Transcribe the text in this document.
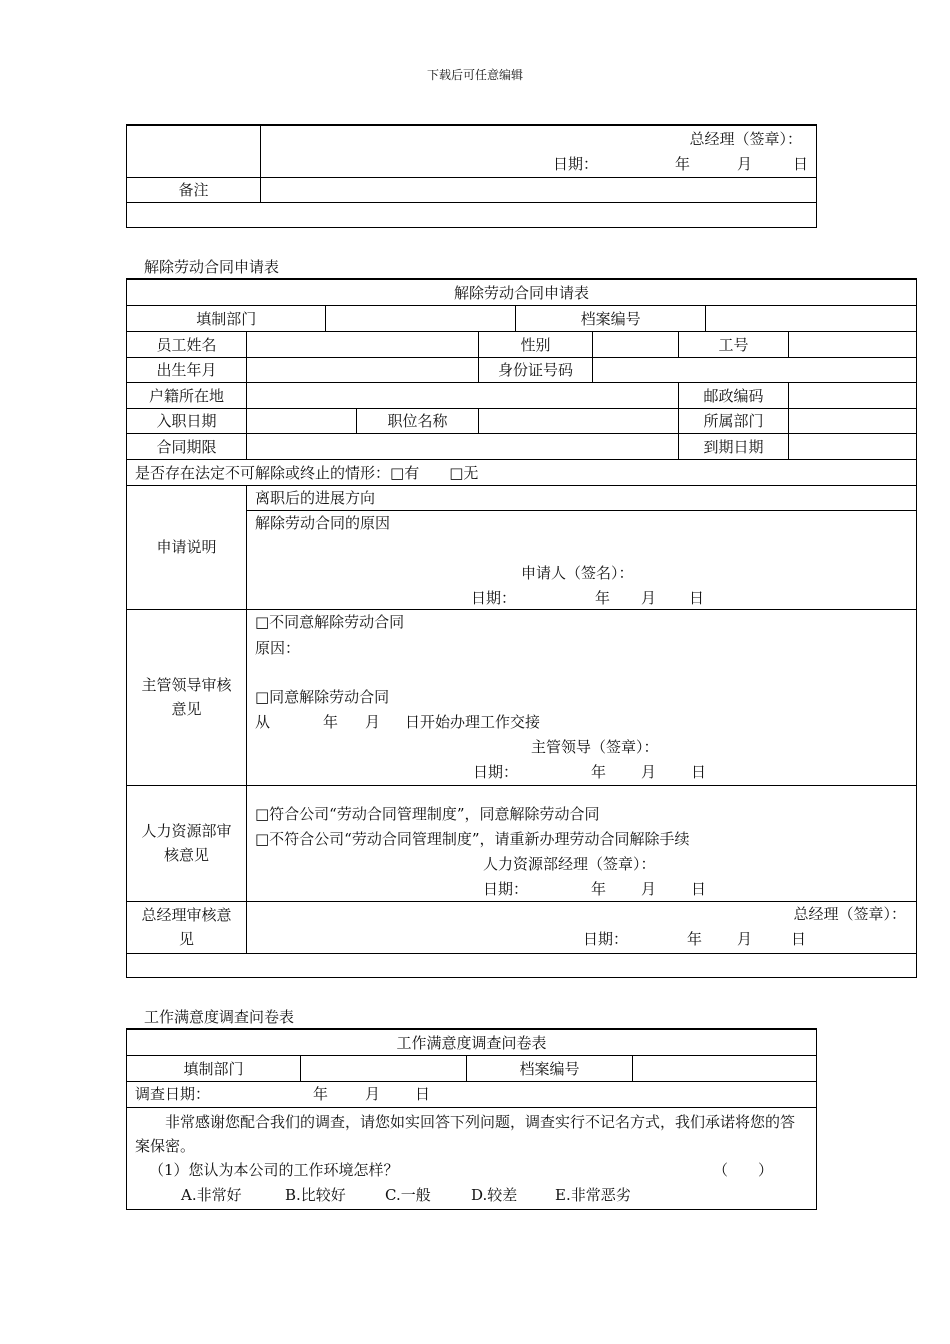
下载后可任意编辑

	总经理（签章）：
日期： 年 月 日

备注	

解除劳动合同申请表
解除劳动合同申请表

填制部门		档案编号	

员工姓名		性别		工号	
出生年月		身份证号码	
户籍所在地		邮政编码	
入职日期		职位名称		所属部门	
合同期限		到期日期	
是否存在法定不可解除或终止的情形：□有 □无
申请说明	离职后的进展方向

解除劳动合同的原因
申请人（签名）：
日期：	年 月 日

主管领导审核意见	
□不同意解除劳动合同
原因：
□同意解除劳动合同
从	年 月 日开始办理工作交接
主管领导（签章）：
日期：	年 月 日

人力资源部审核意见	
□符合公司“劳动合同管理制度”，同意解除劳动合同
□不符合公司“劳动合同管理制度”，请重新办理劳动合同解除手续
人力资源部经理（签章）：
日期：	年 月 日

总经理审核意见	
总经理（签章）：
日期：	年 月	日

工作满意度调查问卷表
工作满意度调查问卷表
填制部门		档案编号	

调查日期：	年 月 日

非常感谢您配合我们的调查，请您如实回答下列问题，调查实行不记名方式，我们承诺将您的答案保密。
（1）您认为本公司的工作环境怎样？	（　　）
A.非常好	B.比较好	C.一般	D.较差	E.非常恶劣
